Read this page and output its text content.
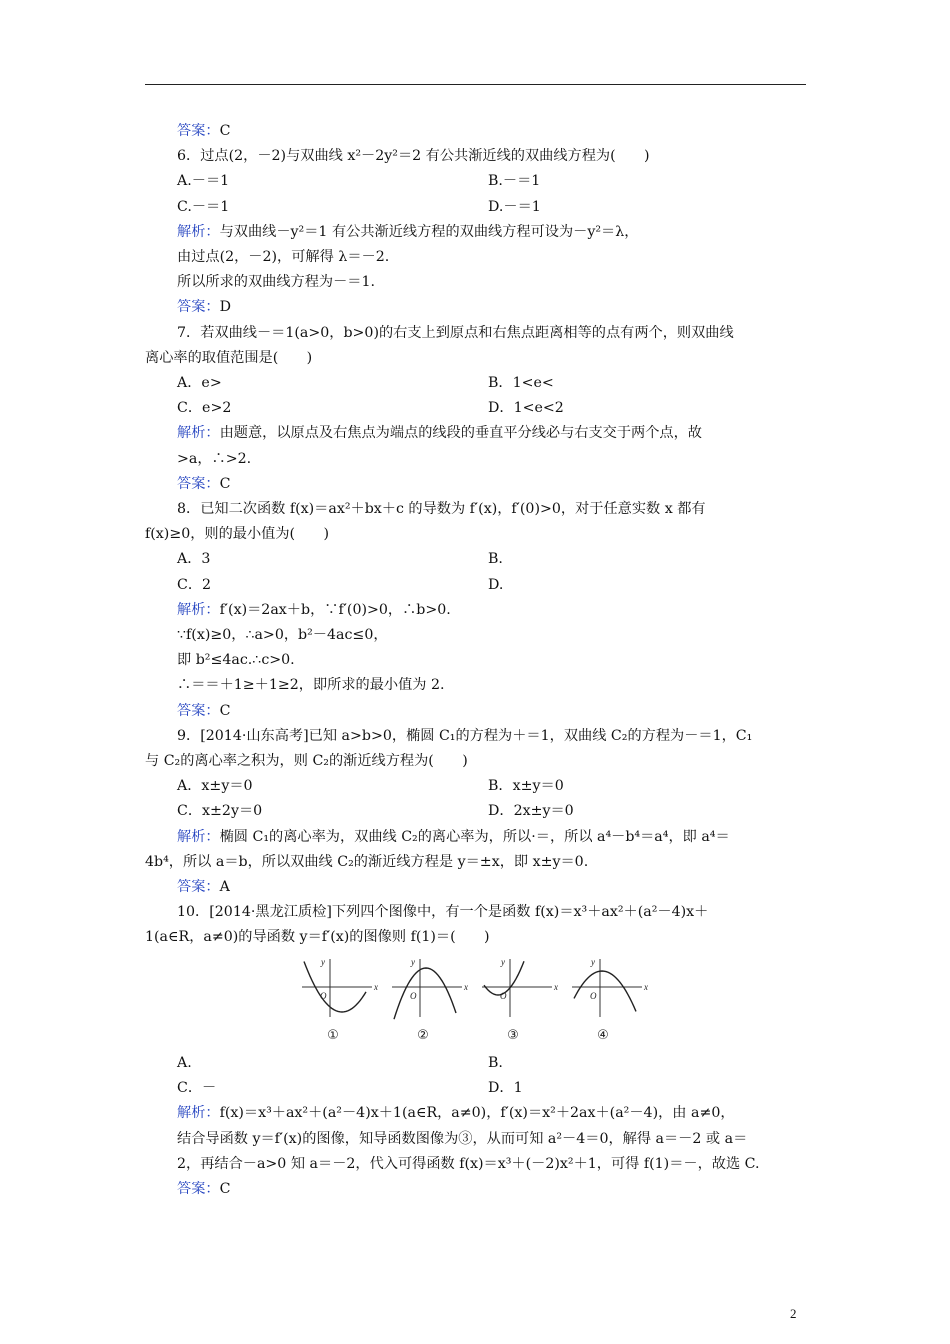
答案：C
6．过点(2，－2)与双曲线 x²－2y²＝2 有公共渐近线的双曲线方程为(　　)
A.－＝1	B.－＝1
C.－＝1	D.－＝1
解析：与双曲线－y²＝1 有公共渐近线方程的双曲线方程可设为－y²＝λ，
由过点(2，－2)，可解得 λ＝－2.
所以所求的双曲线方程为－＝1.
答案：D
7．若双曲线－＝1(a>0，b>0)的右支上到原点和右焦点距离相等的点有两个，则双曲线
离心率的取值范围是(　　)
A．e>	B．1<e<
C．e>2	D．1<e<2
解析：由题意，以原点及右焦点为端点的线段的垂直平分线必与右支交于两个点，故
>a，∴>2.
答案：C
8．已知二次函数 f(x)＝ax²＋bx＋c 的导数为 f′(x)，f′(0)>0，对于任意实数 x 都有
f(x)≥0，则的最小值为(　　)
A．3	B.
C．2	D.
解析：f′(x)＝2ax＋b，∵f′(0)>0，∴b>0.
∵f(x)≥0，∴a>0，b²－4ac≤0，
即 b²≤4ac.∴c>0.
∴＝＝＋1≥＋1≥2，即所求的最小值为 2.
答案：C
9．[2014·山东高考]已知 a>b>0，椭圆 C₁的方程为＋＝1，双曲线 C₂的方程为－＝1，C₁
与 C₂的离心率之积为，则 C₂的渐近线方程为(　　)
A．x±y＝0	B．x±y＝0
C．x±2y＝0	D．2x±y＝0
解析：椭圆 C₁的离心率为，双曲线 C₂的离心率为，所以·＝，所以 a⁴－b⁴＝a⁴，即 a⁴＝
4b⁴，所以 a＝b，所以双曲线 C₂的渐近线方程是 y＝±x，即 x±y＝0.
答案：A
10．[2014·黑龙江质检]下列四个图像中，有一个是函数 f(x)＝x³＋ax²＋(a²－4)x＋
1(a∈R，a≠0)的导函数 y＝f′(x)的图像则 f(1)＝(　　)
A.	B.
C．－	D．1
解析：f(x)＝x³＋ax²＋(a²－4)x＋1(a∈R，a≠0)，f′(x)＝x²＋2ax＋(a²－4)，由 a≠0，
结合导函数 y＝f′(x)的图像，知导函数图像为③，从而可知 a²－4＝0，解得 a＝－2 或 a＝
2，再结合－a>0 知 a＝－2，代入可得函数 f(x)＝x³＋(－2)x²＋1，可得 f(1)＝－，故选 C.
答案：C
x
y
O
①
x
y
O
②
x
y
O
③
x
y
O
④
2
